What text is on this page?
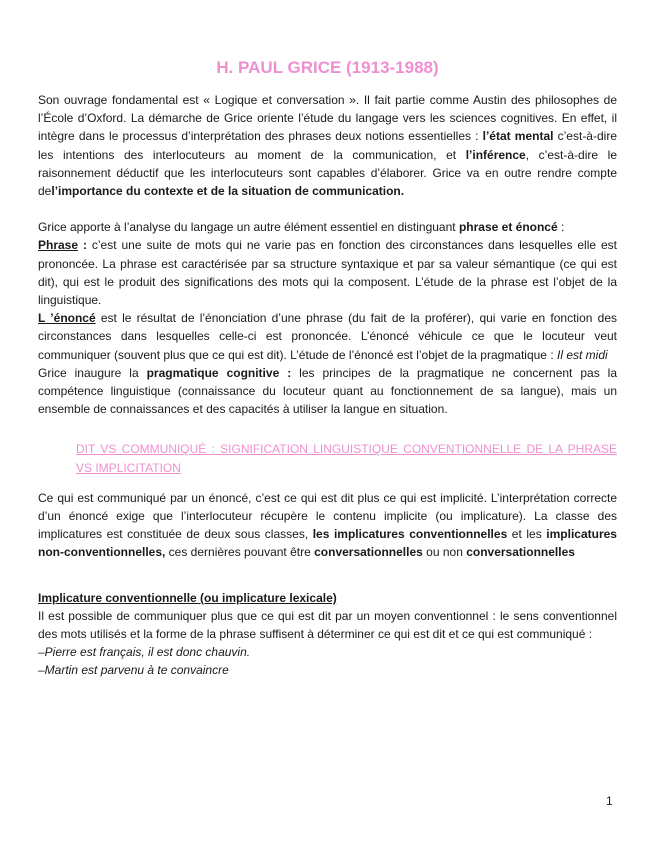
H. PAUL GRICE (1913-1988)

Son ouvrage fondamental est « Logique et conversation ». Il fait partie comme Austin des philosophes de l’École d’Oxford. La démarche de Grice oriente l’étude du langage vers les sciences cognitives. En effet, il intègre dans le processus d’interprétation des phrases deux notions essentielles : l’état mental c’est-à-dire les intentions des interlocuteurs au moment de la communication, et l’inférence, c’est-à-dire le raisonnement déductif que les interlocuteurs sont capables d’élaborer. Grice va en outre rendre compte del’importance du contexte et de la situation de communication.

Grice apporte à l’analyse du langage un autre élément essentiel en distinguant phrase et énoncé :

Phrase : c’est une suite de mots qui ne varie pas en fonction des circonstances dans lesquelles elle est prononcée. La phrase est caractérisée par sa structure syntaxique et par sa valeur sémantique (ce qui est dit), qui est le produit des significations des mots qui la composent. L’étude de la phrase est l’objet de la linguistique.

L ’énoncé est le résultat de l’énonciation d’une phrase (du fait de la proférer), qui varie en fonction des circonstances dans lesquelles celle-ci est prononcée. L’énoncé véhicule ce que le locuteur veut communiquer (souvent plus que ce qui est dit). L’étude de l’énoncé est l’objet de la pragmatique : Il est midi

Grice inaugure la pragmatique cognitive : les principes de la pragmatique ne concernent pas la compétence linguistique (connaissance du locuteur quant au fonctionnement de sa langue), mais un ensemble de connaissances et des capacités à utiliser la langue en situation.

DIT VS COMMUNIQUÉ : SIGNIFICATION LINGUISTIQUE CONVENTIONNELLE DE LA PHRASE VS IMPLICITATION

Ce qui est communiqué par un énoncé, c’est ce qui est dit plus ce qui est implicité. L’interprétation correcte d’un énoncé exige que l’interlocuteur récupère le contenu implicite (ou implicature). La classe des implicatures est constituée de deux sous classes, les implicatures conventionnelles et les implicatures non-conventionnelles, ces dernières pouvant être conversationnelles ou non conversationnelles

Implicature conventionnelle (ou implicature lexicale)

Il est possible de communiquer plus que ce qui est dit par un moyen conventionnel : le sens conventionnel des mots utilisés et la forme de la phrase suffisent à déterminer ce qui est dit et ce qui est communiqué :

–Pierre est français, il est donc chauvin.

–Martin est parvenu à te convaincre

1
